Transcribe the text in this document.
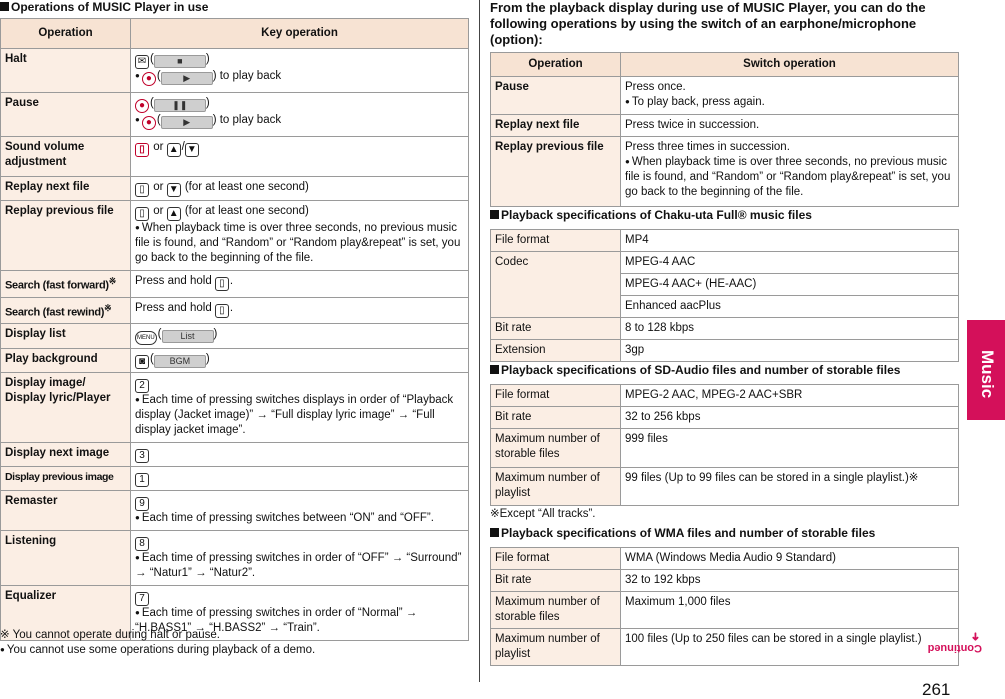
Operations of MUSIC Player in use
Operation	Key operation
Halt	✉ ( ■ )
● ● ( ▶ ) to play back
Pause	● ( ❚❚ )
● ● ( ▶ ) to play back
Sound volume adjustment	▯ or ▲ / ▼
Replay next file	▯ or ▼ (for at least one second)
Replay previous file	▯ or ▲ (for at least one second)
● When playback time is over three seconds, no previous music file is found, and “Random” or “Random play&repeat” is set, you go back to the beginning of the file.
Search (fast forward)※	Press and hold ▯ .
Search (fast rewind)※	Press and hold ▯ .
Display list	MENU ( List )
Play background	◙ ( BGM )
Display image/ Display lyric/Player	2
● Each time of pressing switches displays in order of “Playback display (Jacket image)” → “Full display lyric image” → “Full display jacket image”.
Display next image	3
Display previous image	1
Remaster	9
● Each time of pressing switches between “ON” and “OFF”.
Listening	8
● Each time of pressing switches in order of “OFF” → “Surround” → “Natur1” → “Natur2”.
Equalizer	7
● Each time of pressing switches in order of “Normal” → “H.BASS1” → “H.BASS2” → “Train”.
※ You cannot operate during halt or pause.
● You cannot use some operations during playback of a demo.
From the playback display during use of MUSIC Player, you can do the following operations by using the switch of an earphone/microphone (option):
Operation	Switch operation
Pause	Press once.
● To play back, press again.
Replay next file	Press twice in succession.
Replay previous file	Press three times in succession.
● When playback time is over three seconds, no previous music file is found, and “Random” or “Random play&repeat” is set, you go back to the beginning of the file.
Playback specifications of Chaku-uta Full® music files
File format	MP4
Codec	MPEG-4 AAC
	MPEG-4 AAC+ (HE-AAC)
	Enhanced aacPlus
Bit rate	8 to 128 kbps
Extension	3gp
Playback specifications of SD-Audio files and number of storable files
File format	MPEG-2 AAC, MPEG-2 AAC+SBR
Bit rate	32 to 256 kbps
Maximum number of storable files	999 files
Maximum number of playlist	99 files (Up to 99 files can be stored in a single playlist.)※
※Except “All tracks”.
Playback specifications of WMA files and number of storable files
File format	WMA (Windows Media Audio 9 Standard)
Bit rate	32 to 192 kbps
Maximum number of storable files	Maximum 1,000 files
Maximum number of playlist	100 files (Up to 250 files can be stored in a single playlist.)
Music
Continued
➜
261
